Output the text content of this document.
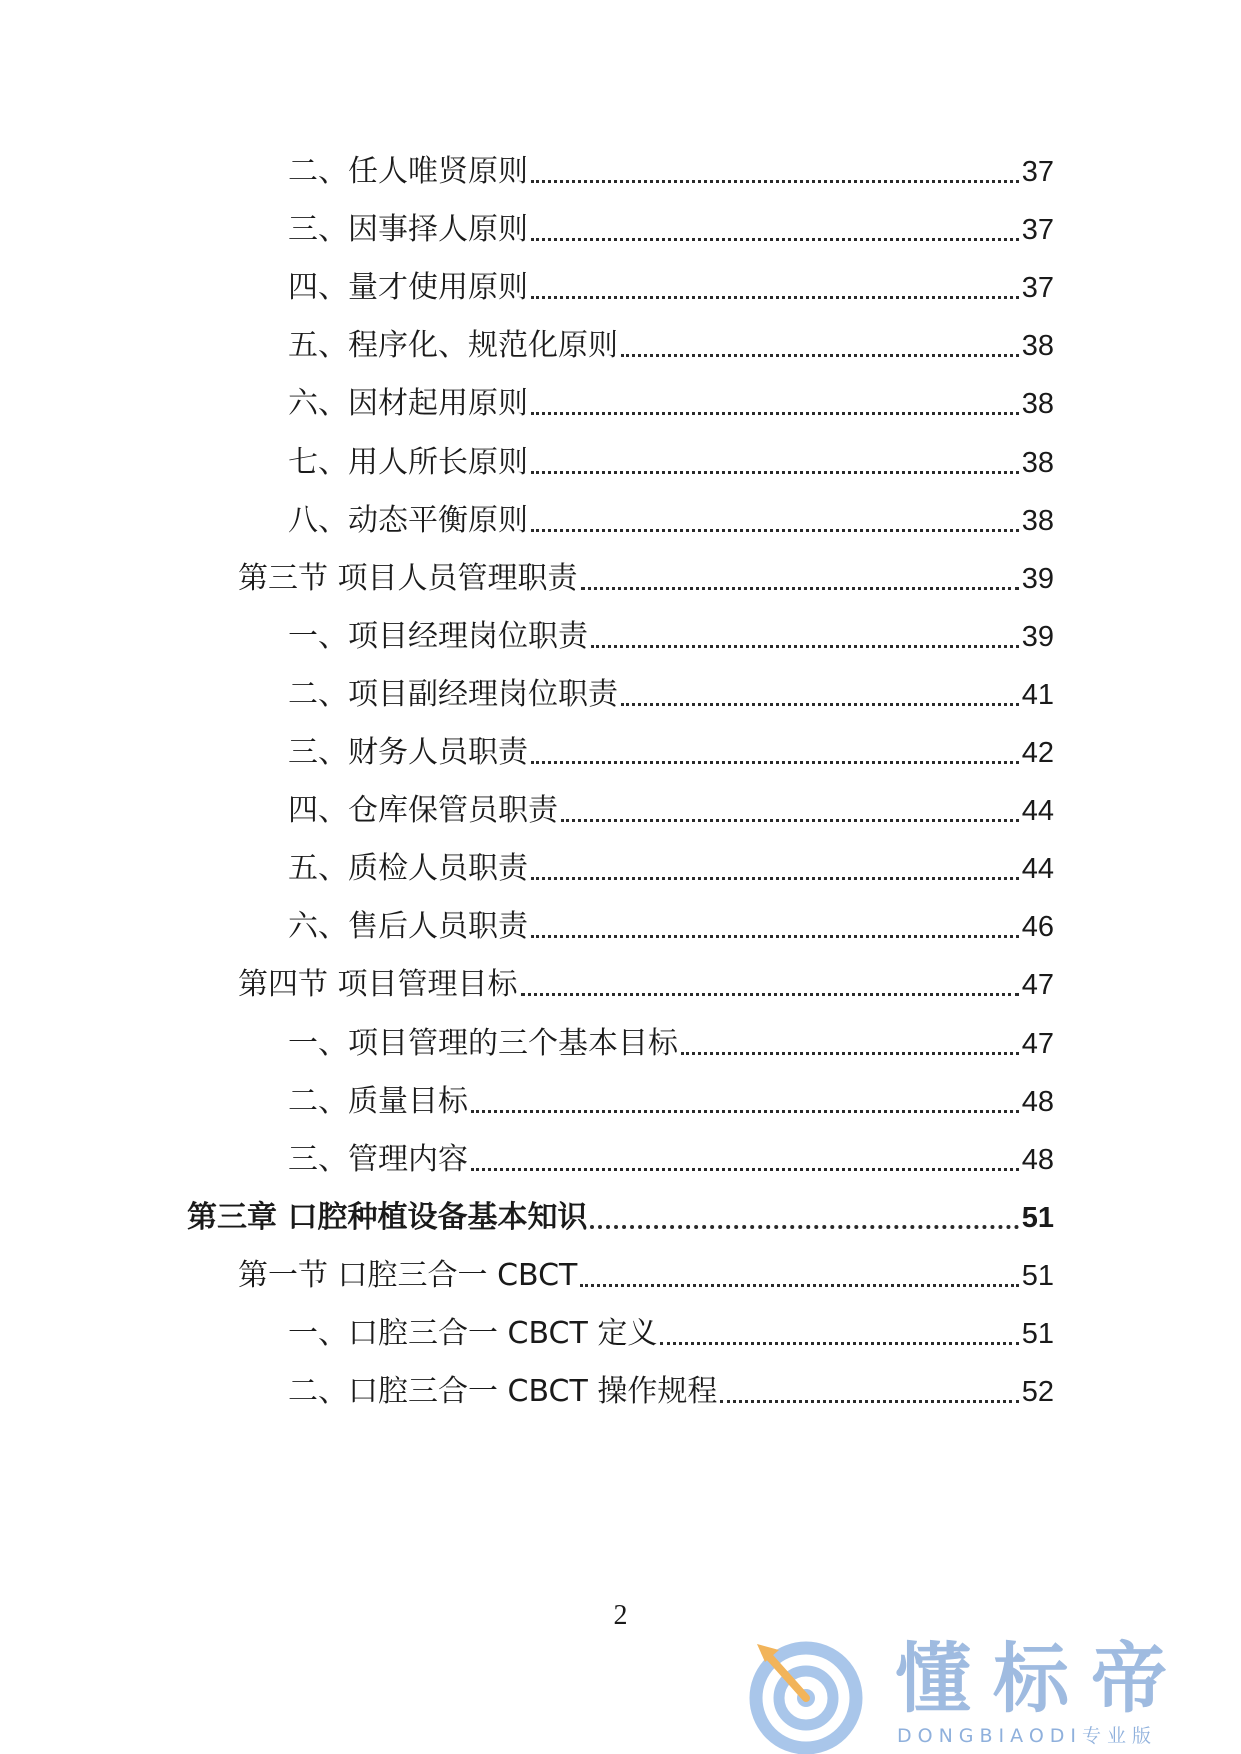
二、任人唯贤原则	37
三、因事择人原则	37
四、量才使用原则	37
五、程序化、规范化原则	38
六、因材起用原则	38
七、用人所长原则	38
八、动态平衡原则	38
第三节 项目人员管理职责	39
一、项目经理岗位职责	39
二、项目副经理岗位职责	41
三、财务人员职责	42
四、仓库保管员职责	44
五、质检人员职责	44
六、售后人员职责	46
第四节 项目管理目标	47
一、项目管理的三个基本目标	47
二、质量目标	48
三、管理内容	48
第三章 口腔种植设备基本知识	51
第一节 口腔三合一 CBCT	51
一、口腔三合一 CBCT 定义	51
二、口腔三合一 CBCT 操作规程	52
2
懂标帝
DONGBIAODI专业版
